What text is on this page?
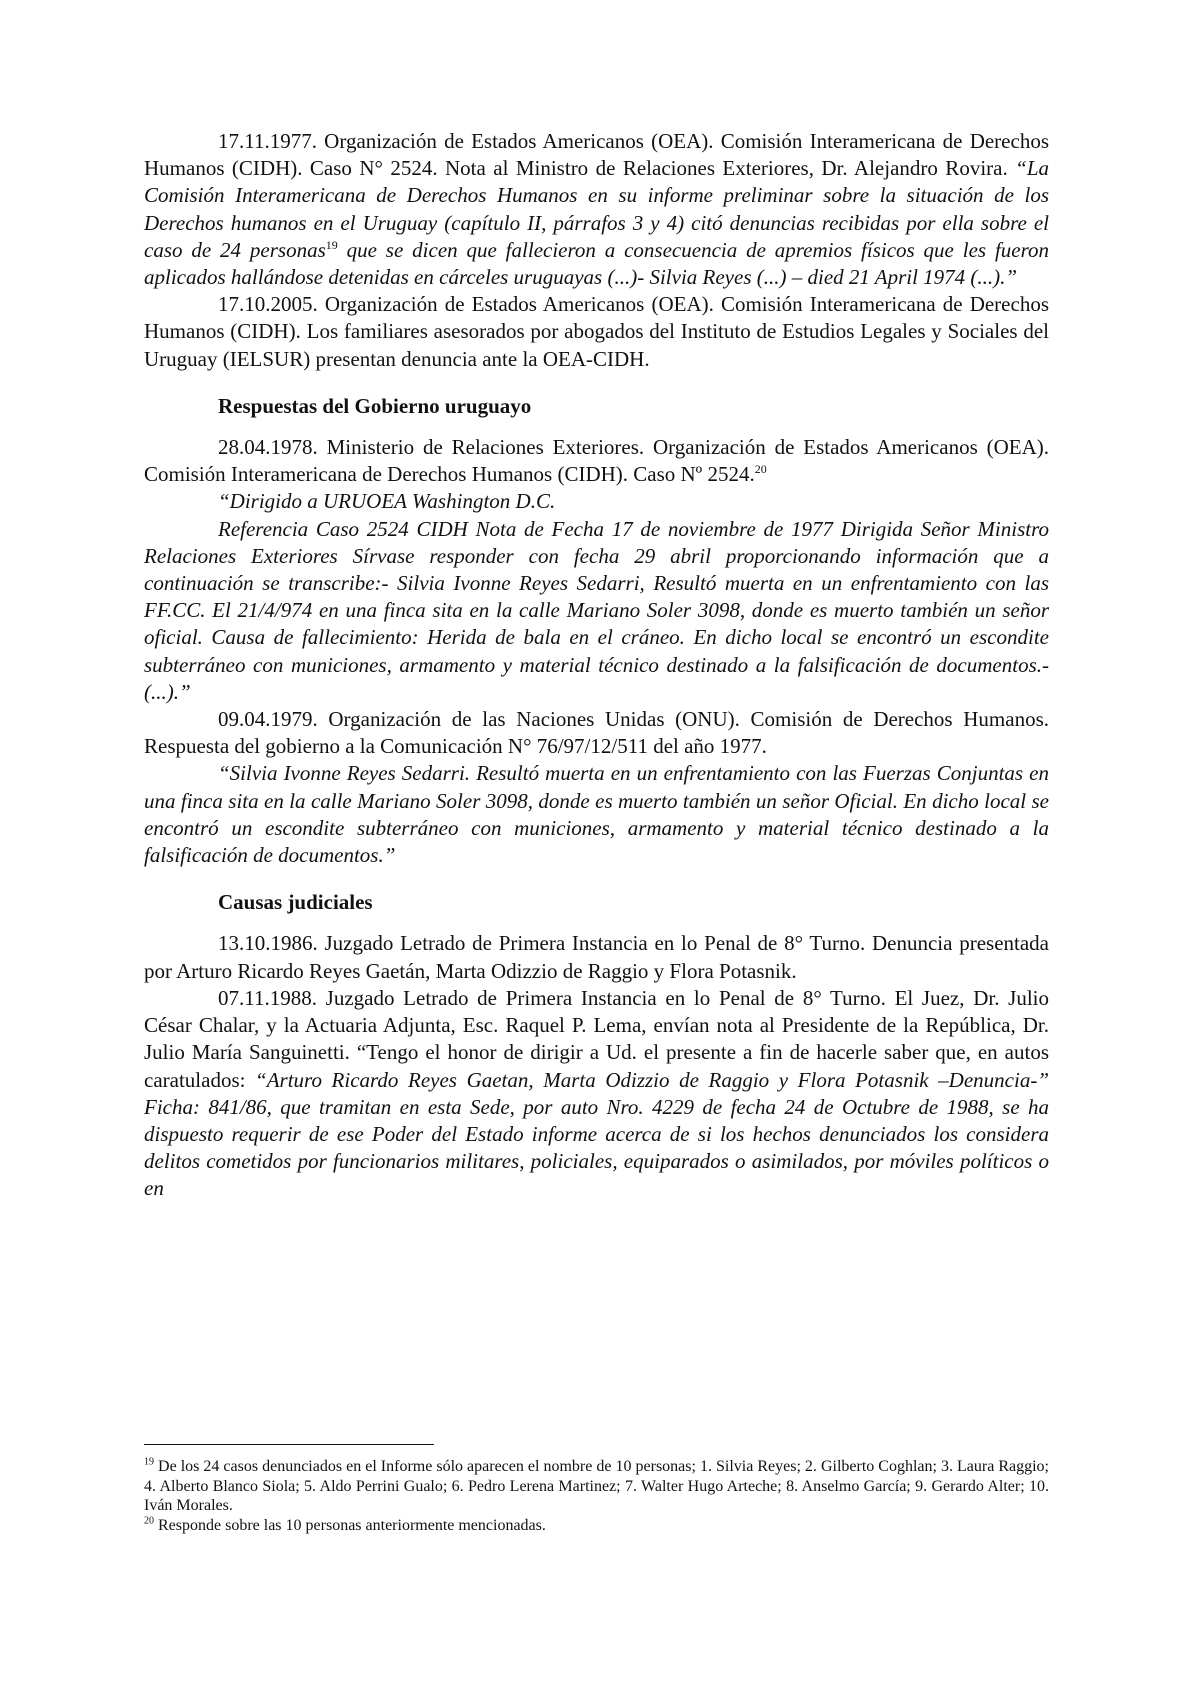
17.11.1977. Organización de Estados Americanos (OEA). Comisión Interamericana de Derechos Humanos (CIDH). Caso N° 2524. Nota al Ministro de Relaciones Exteriores, Dr. Alejandro Rovira. “La Comisión Interamericana de Derechos Humanos en su informe preliminar sobre la situación de los Derechos humanos en el Uruguay (capítulo II, párrafos 3 y 4) citó denuncias recibidas por ella sobre el caso de 24 personas$^{19}$ que se dicen que fallecieron a consecuencia de apremios físicos que les fueron aplicados hallándose detenidas en cárceles uruguayas (...)- Silvia Reyes (...) – died 21 April 1974 (...).”

17.10.2005. Organización de Estados Americanos (OEA). Comisión Interamericana de Derechos Humanos (CIDH). Los familiares asesorados por abogados del Instituto de Estudios Legales y Sociales del Uruguay (IELSUR) presentan denuncia ante la OEA-CIDH.

Respuestas del Gobierno uruguayo

28.04.1978. Ministerio de Relaciones Exteriores. Organización de Estados Americanos (OEA). Comisión Interamericana de Derechos Humanos (CIDH). Caso Nº 2524.20

“Dirigido a URUOEA Washington D.C.

Referencia Caso 2524 CIDH Nota de Fecha 17 de noviembre de 1977 Dirigida Señor Ministro Relaciones Exteriores Sírvase responder con fecha 29 abril proporcionando información que a continuación se transcribe:- Silvia Ivonne Reyes Sedarri, Resultó muerta en un enfrentamiento con las FF.CC. El 21/4/974 en una finca sita en la calle Mariano Soler 3098, donde es muerto también un señor oficial. Causa de fallecimiento: Herida de bala en el cráneo. En dicho local se encontró un escondite subterráneo con municiones, armamento y material técnico destinado a la falsificación de documentos.- (...).”

09.04.1979. Organización de las Naciones Unidas (ONU). Comisión de Derechos Humanos. Respuesta del gobierno a la Comunicación N° 76/97/12/511 del año 1977.

“Silvia Ivonne Reyes Sedarri. Resultó muerta en un enfrentamiento con las Fuerzas Conjuntas en una finca sita en la calle Mariano Soler 3098, donde es muerto también un señor Oficial. En dicho local se encontró un escondite subterráneo con municiones, armamento y material técnico destinado a la falsificación de documentos.”

Causas judiciales

13.10.1986. Juzgado Letrado de Primera Instancia en lo Penal de 8° Turno. Denuncia presentada por Arturo Ricardo Reyes Gaetán, Marta Odizzio de Raggio y Flora Potasnik.

07.11.1988. Juzgado Letrado de Primera Instancia en lo Penal de 8° Turno. El Juez, Dr. Julio César Chalar, y la Actuaria Adjunta, Esc. Raquel P. Lema, envían nota al Presidente de la República, Dr. Julio María Sanguinetti. “Tengo el honor de dirigir a Ud. el presente a fin de hacerle saber que, en autos caratulados: “Arturo Ricardo Reyes Gaetan, Marta Odizzio de Raggio y Flora Potasnik –Denuncia-” Ficha: 841/86, que tramitan en esta Sede, por auto Nro. 4229 de fecha 24 de Octubre de 1988, se ha dispuesto requerir de ese Poder del Estado informe acerca de si los hechos denunciados los considera delitos cometidos por funcionarios militares, policiales, equiparados o asimilados, por móviles políticos o en

$^{19}$ De los 24 casos denunciados en el Informe sólo aparecen el nombre de 10 personas; 1. Silvia Reyes; 2. Gilberto Coghlan; 3. Laura Raggio; 4. Alberto Blanco Siola; 5. Aldo Perrini Gualo; 6. Pedro Lerena Martinez; 7. Walter Hugo Arteche; 8. Anselmo García; 9. Gerardo Alter; 10. Iván Morales.

$^{20}$ Responde sobre las 10 personas anteriormente mencionadas.
